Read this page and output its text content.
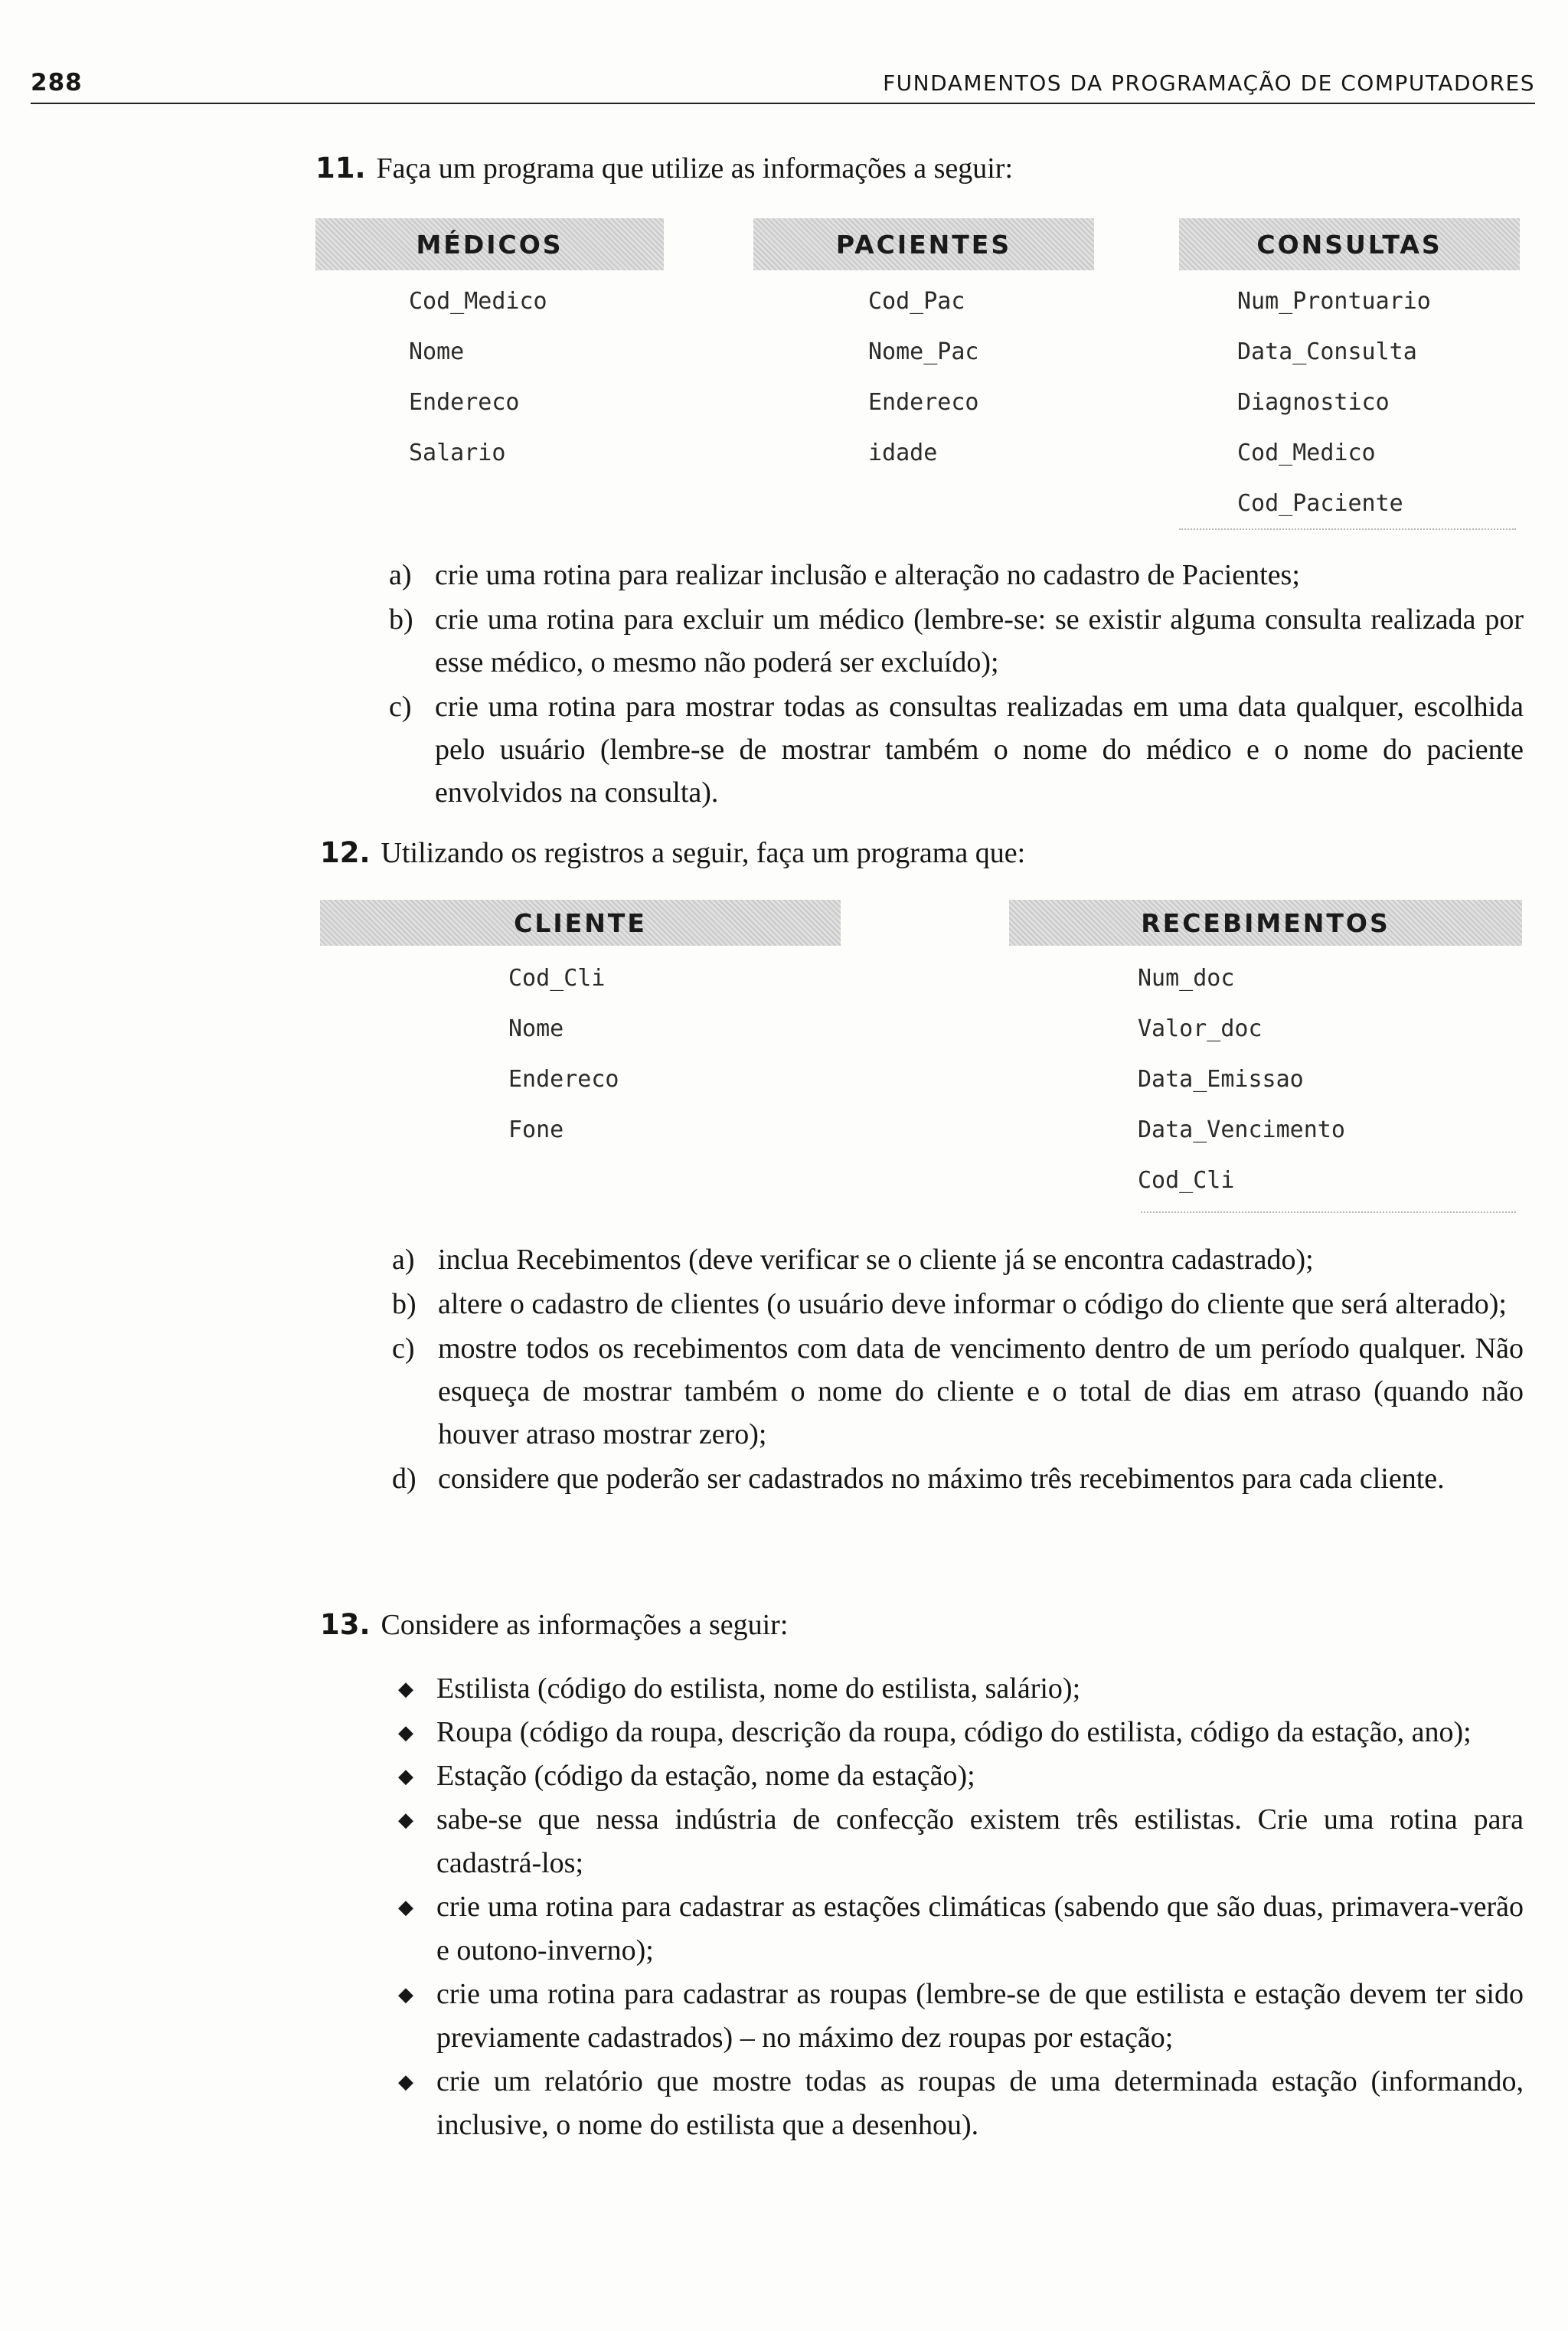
288	FUNDAMENTOS DA PROGRAMAÇÃO DE COMPUTADORES
11. Faça um programa que utilize as informações a seguir:
MÉDICOS
Cod_Medico
Nome
Endereco
Salario
PACIENTES
Cod_Pac
Nome_Pac
Endereco
idade
CONSULTAS
Num_Prontuario
Data_Consulta
Diagnostico
Cod_Medico
Cod_Paciente
a) crie uma rotina para realizar inclusão e alteração no cadastro de Pacientes;
b) crie uma rotina para excluir um médico (lembre-se: se existir alguma consulta realizada por esse médico, o mesmo não poderá ser excluído);
c) crie uma rotina para mostrar todas as consultas realizadas em uma data qualquer, escolhida pelo usuário (lembre-se de mostrar também o nome do médico e o nome do paciente envolvidos na consulta).
12. Utilizando os registros a seguir, faça um programa que:
CLIENTE
Cod_Cli
Nome
Endereco
Fone
RECEBIMENTOS
Num_doc
Valor_doc
Data_Emissao
Data_Vencimento
Cod_Cli
a) inclua Recebimentos (deve verificar se o cliente já se encontra cadastrado);
b) altere o cadastro de clientes (o usuário deve informar o código do cliente que será alterado);
c) mostre todos os recebimentos com data de vencimento dentro de um período qualquer. Não esqueça de mostrar também o nome do cliente e o total de dias em atraso (quando não houver atraso mostrar zero);
d) considere que poderão ser cadastrados no máximo três recebimentos para cada cliente.
13. Considere as informações a seguir:
◆ Estilista (código do estilista, nome do estilista, salário);
◆ Roupa (código da roupa, descrição da roupa, código do estilista, código da estação, ano);
◆ Estação (código da estação, nome da estação);
◆ sabe-se que nessa indústria de confecção existem três estilistas. Crie uma rotina para cadastrá-los;
◆ crie uma rotina para cadastrar as estações climáticas (sabendo que são duas, primavera-verão e outono-inverno);
◆ crie uma rotina para cadastrar as roupas (lembre-se de que estilista e estação devem ter sido previamente cadastrados) – no máximo dez roupas por estação;
◆ crie um relatório que mostre todas as roupas de uma determinada estação (informando, inclusive, o nome do estilista que a desenhou).
